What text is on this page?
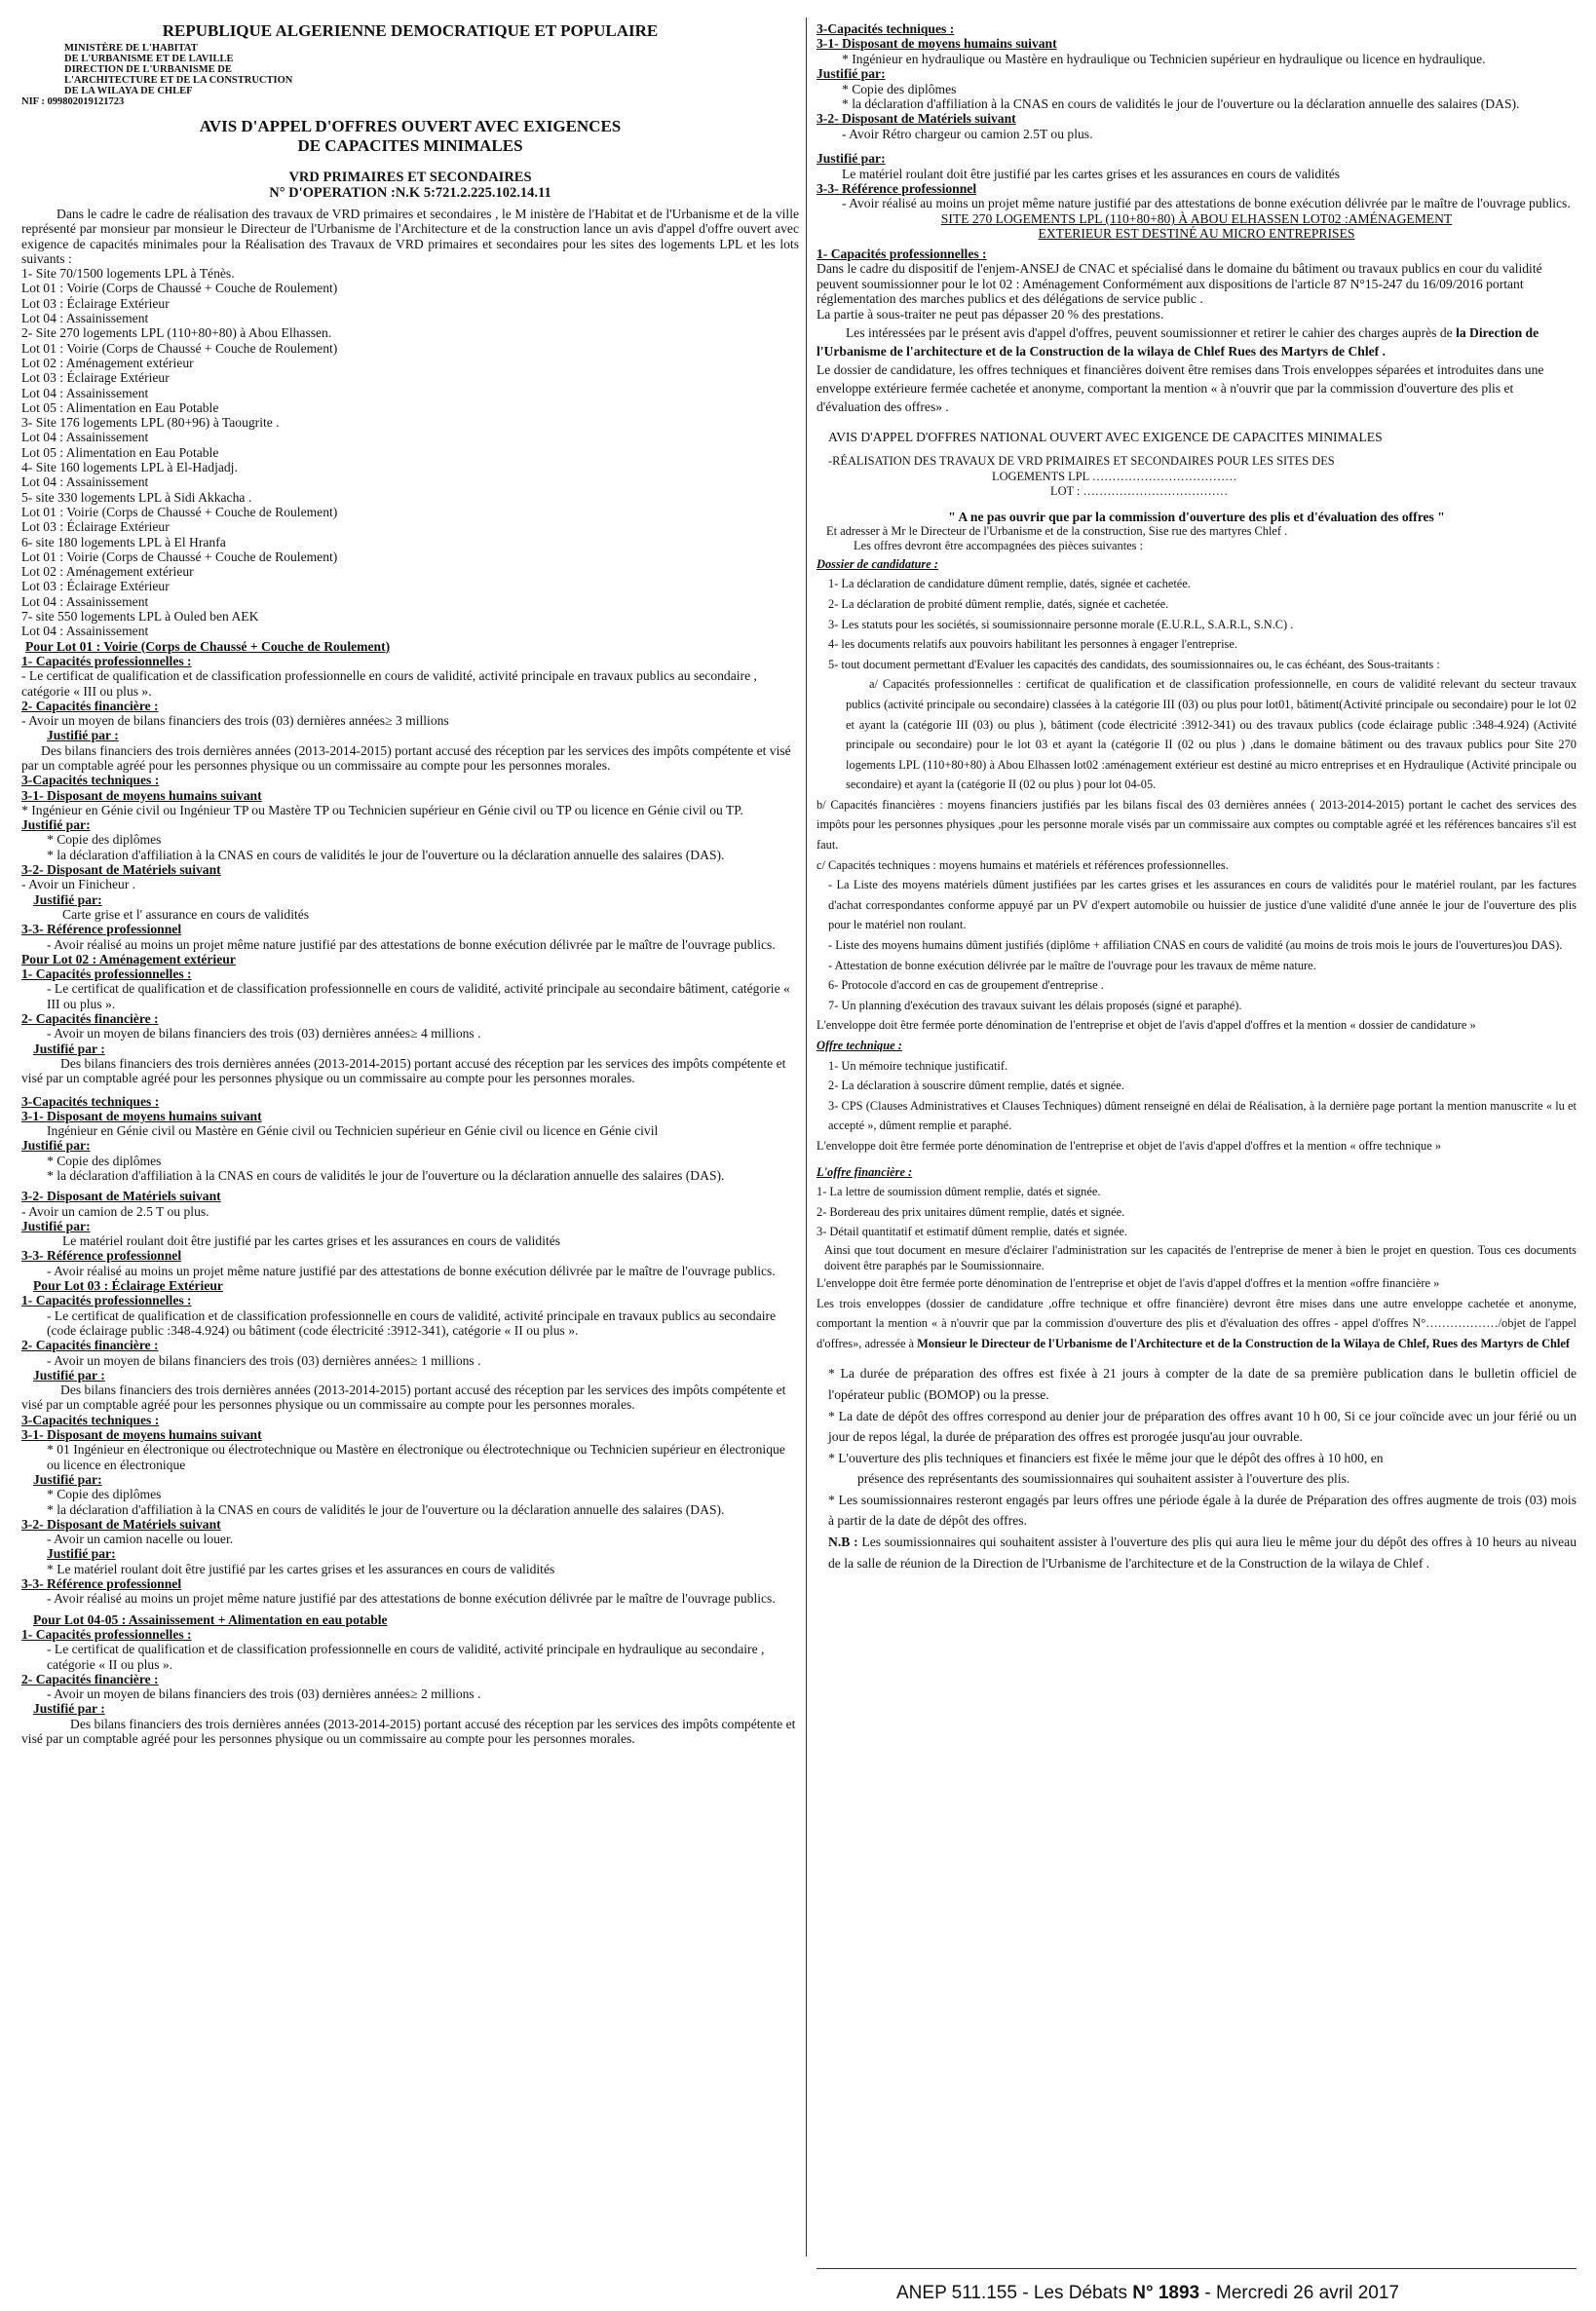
REPUBLIQUE ALGERIENNE DEMOCRATIQUE ET POPULAIRE
MINISTÈRE DE L'HABITAT
DE L'URBANISME ET DE LAVILLE
DIRECTION DE L'URBANISME DE
L'ARCHITECTURE ET DE LA CONSTRUCTION
DE LA WILAYA DE CHLEF
NIF : 099802019121723
AVIS D'APPEL D'OFFRES OUVERT AVEC EXIGENCES
DE CAPACITES MINIMALES
VRD PRIMAIRES ET SECONDAIRES
N° D'OPERATION :N.K 5:721.2.225.102.14.11

Dans le cadre le cadre de réalisation des travaux de VRD primaires et secondaires , le M inistère de l'Habitat et de l'Urbanisme et de la ville représenté par monsieur par monsieur le Directeur de l'Urbanisme de l'Architecture et de la construction lance un avis d'appel d'offre ouvert avec exigence de capacités minimales pour la Réalisation des Travaux de VRD primaires et secondaires pour les sites des logements LPL et les lots suivants :

1- Site 70/1500 logements LPL à Ténès.
Lot 01 : Voirie (Corps de Chaussé + Couche de Roulement)
Lot 03 : Éclairage Extérieur
Lot 04 : Assainissement
2- Site 270 logements LPL (110+80+80) à Abou Elhassen.
Lot 01 : Voirie (Corps de Chaussé + Couche de Roulement)
Lot 02 : Aménagement extérieur
Lot 03 : Éclairage Extérieur
Lot 04 : Assainissement
Lot 05 : Alimentation en Eau Potable
3- Site 176 logements LPL (80+96) à Taougrite .
Lot 04 : Assainissement
Lot 05 : Alimentation en Eau Potable
4- Site 160 logements LPL à El-Hadjadj.
Lot 04 : Assainissement
5- site 330 logements LPL à Sidi Akkacha .
Lot 01 : Voirie (Corps de Chaussé + Couche de Roulement)
Lot 03 : Éclairage Extérieur
6- site 180 logements LPL à El Hranfa
Lot 01 : Voirie (Corps de Chaussé + Couche de Roulement)
Lot 02 : Aménagement extérieur
Lot 03 : Éclairage Extérieur
Lot 04 : Assainissement
7- site 550 logements LPL à Ouled ben AEK
Lot 04 : Assainissement
Pour Lot 01 : Voirie (Corps de Chaussé + Couche de Roulement)
1- Capacités professionnelles :
- Le certificat de qualification et de classification professionnelle en cours de validité, activité principale en travaux publics au secondaire , catégorie « III ou plus ».
2- Capacités financière :
- Avoir un moyen de bilans financiers des trois (03) dernières années≥ 3 millions
Justifié par :
Des bilans financiers des trois dernières années (2013-2014-2015) portant accusé des réception par les services des impôts compétente et visé par un comptable agréé pour les personnes physique ou un commissaire au compte pour les personnes morales.
3-Capacités techniques :
3-1- Disposant de moyens humains suivant
* Ingénieur en Génie civil ou Ingénieur TP ou Mastère TP ou Technicien supérieur en Génie civil ou TP ou licence en Génie civil ou TP.
Justifié par:
* Copie des diplômes
* la déclaration d'affiliation à la CNAS en cours de validités le jour de l'ouverture ou la déclaration annuelle des salaires (DAS).
3-2- Disposant de Matériels suivant
- Avoir un Finicheur .
Justifié par:
Carte grise et l' assurance en cours de validités
3-3- Référence professionnel
- Avoir réalisé au moins un projet même nature justifié par des attestations de bonne exécution délivrée par le maître de l'ouvrage publics.
Pour Lot 02 : Aménagement extérieur
1- Capacités professionnelles :
- Le certificat de qualification et de classification professionnelle en cours de validité, activité principale au secondaire bâtiment, catégorie « III ou plus ».
2- Capacités financière :
- Avoir un moyen de bilans financiers des trois (03) dernières années≥ 4 millions .
Justifié par :
Des bilans financiers des trois dernières années (2013-2014-2015) portant accusé des réception par les services des impôts compétente et visé par un comptable agréé pour les personnes physique ou un commissaire au compte pour les personnes morales.
3-Capacités techniques :
3-1- Disposant de moyens humains suivant
Ingénieur en Génie civil ou Mastère en Génie civil ou Technicien supérieur en Génie civil ou licence en Génie civil
Justifié par:
* Copie des diplômes
* la déclaration d'affiliation à la CNAS en cours de validités le jour de l'ouverture ou la déclaration annuelle des salaires (DAS).
3-2- Disposant de Matériels suivant
- Avoir un camion de 2.5 T ou plus.
Justifié par:
Le matériel roulant doit être justifié par les cartes grises et les assurances en cours de validités
3-3- Référence professionnel
- Avoir réalisé au moins un projet même nature justifié par des attestations de bonne exécution délivrée par le maître de l'ouvrage publics.
Pour Lot 03 : Éclairage Extérieur
1- Capacités professionnelles :
- Le certificat de qualification et de classification professionnelle en cours de validité, activité principale en travaux publics au secondaire (code éclairage public :348-4.924) ou bâtiment (code électricité :3912-341), catégorie « II ou plus ».
2- Capacités financière :
- Avoir un moyen de bilans financiers des trois (03) dernières années≥ 1 millions .
Justifié par :
Des bilans financiers des trois dernières années (2013-2014-2015) portant accusé des réception par les services des impôts compétente et visé par un comptable agréé pour les personnes physique ou un commissaire au compte pour les personnes morales.
3-Capacités techniques :
3-1- Disposant de moyens humains suivant
* 01 Ingénieur en électronique ou électrotechnique ou Mastère en électronique ou électrotechnique ou Technicien supérieur en électronique ou licence en électronique
Justifié par:
* Copie des diplômes
* la déclaration d'affiliation à la CNAS en cours de validités le jour de l'ouverture ou la déclaration annuelle des salaires (DAS).
3-2- Disposant de Matériels suivant
- Avoir un camion nacelle ou louer.
Justifié par:
* Le matériel roulant doit être justifié par les cartes grises et les assurances en cours de validités
3-3- Référence professionnel
- Avoir réalisé au moins un projet même nature justifié par des attestations de bonne exécution délivrée par le maître de l'ouvrage publics.
Pour Lot 04-05 : Assainissement + Alimentation en eau potable
1- Capacités professionnelles :
- Le certificat de qualification et de classification professionnelle en cours de validité, activité principale en hydraulique au secondaire , catégorie « II ou plus ».
2- Capacités financière :
- Avoir un moyen de bilans financiers des trois (03) dernières années≥ 2 millions .
Justifié par :
Des bilans financiers des trois dernières années (2013-2014-2015) portant accusé des réception par les services des impôts compétente et visé par un comptable agréé pour les personnes physique ou un commissaire au compte pour les personnes morales.
3-Capacités techniques :
3-1- Disposant de moyens humains suivant
* Ingénieur en hydraulique ou Mastère en hydraulique ou Technicien supérieur en hydraulique ou licence en hydraulique.
Justifié par:
* Copie des diplômes
* la déclaration d'affiliation à la CNAS en cours de validités le jour de l'ouverture ou la déclaration annuelle des salaires (DAS).
3-2- Disposant de Matériels suivant
- Avoir Rétro chargeur ou camion 2.5T ou plus.
Justifié par:
Le matériel roulant doit être justifié par les cartes grises et les assurances en cours de validités
3-3- Référence professionnel
- Avoir réalisé au moins un projet même nature justifié par des attestations de bonne exécution délivrée par le maître de l'ouvrage publics.
SITE 270 LOGEMENTS LPL (110+80+80) À ABOU ELHASSEN LOT02 :AMÉNAGEMENT
EXTERIEUR EST DESTINÉ AU MICRO ENTREPRISES
1- Capacités professionnelles :
Dans le cadre du dispositif de l'enjem-ANSEJ de CNAC et spécialisé dans le domaine du bâtiment ou travaux publics en cour du validité peuvent soumissionner pour le lot 02 : Aménagement Conformément aux dispositions de l'article 87 N°15-247 du 16/09/2016 portant réglementation des marches publics et des délégations de service public .
La partie à sous-traiter ne peut pas dépasser 20 % des prestations.
Les intéressées par le présent avis d'appel d'offres, peuvent soumissionner et retirer le cahier des charges auprès de la Direction de l'Urbanisme de l'architecture et de la Construction de la wilaya de Chlef Rues des Martyrs de Chlef .
Le dossier de candidature, les offres techniques et financières doivent être remises dans Trois enveloppes séparées et introduites dans une enveloppe extérieure fermée cachetée et anonyme, comportant la mention « à n'ouvrir que par la commission d'ouverture des plis et d'évaluation des offres» .
AVIS D'APPEL D'OFFRES NATIONAL OUVERT AVEC EXIGENCE DE CAPACITES MINIMALES
-RÉALISATION DES TRAVAUX DE VRD PRIMAIRES ET SECONDAIRES POUR LES SITES DES
LOGEMENTS LPL ………………………………
LOT : ………………………………
" A ne pas ouvrir que par la commission d'ouverture des plis et d'évaluation des offres "
Et adresser à Mr le Directeur de l'Urbanisme et de la construction, Sise rue des martyres Chlef .
Les offres devront être accompagnées des pièces suivantes :
Dossier de candidature :
1- La déclaration de candidature dûment remplie, datés, signée et cachetée.
2- La déclaration de probité dûment remplie, datés, signée et cachetée.
3- Les statuts pour les sociétés, si soumissionnaire personne morale (E.U.R.L, S.A.R.L, S.N.C) .
4- les documents relatifs aux pouvoirs habilitant les personnes à engager l'entreprise.
5- tout document permettant d'Evaluer les capacités des candidats, des soumissionnaires ou, le cas échéant, des Sous-traitants :
a/ Capacités professionnelles : certificat de qualification et de classification professionnelle, en cours de validité relevant du secteur travaux publics (activité principale ou secondaire) classées à la catégorie III (03) ou plus pour lot01, bâtiment(Activité principale ou secondaire) pour le lot 02 et ayant la (catégorie III (03) ou plus ), bâtiment (code électricité :3912-341) ou des travaux publics (code éclairage public :348-4.924) (Activité principale ou secondaire) pour le lot 03 et ayant la (catégorie II (02 ou plus ) ,dans le domaine bâtiment ou des travaux publics pour Site 270 logements LPL (110+80+80) à Abou Elhassen lot02 :aménagement extérieur est destiné au micro entreprises et en Hydraulique (Activité principale ou secondaire) et ayant la (catégorie II (02 ou plus ) pour lot 04-05.
b/ Capacités financières : moyens financiers justifiés par les bilans fiscal des 03 dernières années ( 2013-2014-2015) portant le cachet des services des impôts pour les personnes physiques ,pour les personne morale visés par un commissaire aux comptes ou comptable agréé et les références bancaires s'il est faut.
c/ Capacités techniques : moyens humains et matériels et références professionnelles.
- La Liste des moyens matériels dûment justifiées par les cartes grises et les assurances en cours de validités pour le matériel roulant, par les factures d'achat correspondantes conforme appuyé par un PV d'expert automobile ou huissier de justice d'une validité d'une année le jour de l'ouverture des plis pour le matériel non roulant.
- Liste des moyens humains dûment justifiés (diplôme + affiliation CNAS en cours de validité (au moins de trois mois le jours de l'ouvertures)ou DAS).
- Attestation de bonne exécution délivrée par le maître de l'ouvrage pour les travaux de même nature.
6- Protocole d'accord en cas de groupement d'entreprise .
7- Un planning d'exécution des travaux suivant les délais proposés (signé et paraphé).
L'enveloppe doit être fermée porte dénomination de l'entreprise et objet de l'avis d'appel d'offres et la mention « dossier de candidature »
Offre technique :
1- Un mémoire technique justificatif.
2- La déclaration à souscrire dûment remplie, datés et signée.
3- CPS (Clauses Administratives et Clauses Techniques) dûment renseigné en délai de Réalisation, à la dernière page portant la mention manuscrite « lu et accepté », dûment remplie et paraphé.
L'enveloppe doit être fermée porte dénomination de l'entreprise et objet de l'avis d'appel d'offres et la mention « offre technique »
L'offre financière :
1- La lettre de soumission dûment remplie, datés et signée.
2- Bordereau des prix unitaires dûment remplie, datés et signée.
3- Détail quantitatif et estimatif dûment remplie, datés et signée.
Ainsi que tout document en mesure d'éclairer l'administration sur les capacités de l'entreprise de mener à bien le projet en question. Tous ces documents doivent être paraphés par le Soumissionnaire.
L'enveloppe doit être fermée porte dénomination de l'entreprise et objet de l'avis d'appel d'offres et la mention «offre financière »
Les trois enveloppes (dossier de candidature ,offre technique et offre financière) devront être mises dans une autre enveloppe cachetée et anonyme, comportant la mention « à n'ouvrir que par la commission d'ouverture des plis et d'évaluation des offres - appel d'offres N°………………/objet de l'appel d'offres», adressée à Monsieur le Directeur de l'Urbanisme de l'Architecture et de la Construction de la Wilaya de Chlef, Rues des Martyrs de Chlef
* La durée de préparation des offres est fixée à 21 jours à compter de la date de sa première publication dans le bulletin officiel de l'opérateur public (BOMOP) ou la presse.
* La date de dépôt des offres correspond au denier jour de préparation des offres avant 10 h 00, Si ce jour coïncide avec un jour férié ou un jour de repos légal, la durée de préparation des offres est prorogée jusqu'au jour ouvrable.
* L'ouverture des plis techniques et financiers est fixée le même jour que le dépôt des offres à 10 h00, en
présence des représentants des soumissionnaires qui souhaitent assister à l'ouverture des plis.
* Les soumissionnaires resteront engagés par leurs offres une période égale à la durée de Préparation des offres augmente de trois (03) mois à partir de la date de dépôt des offres.
N.B : Les soumissionnaires qui souhaitent assister à l'ouverture des plis qui aura lieu le même jour du dépôt des offres à 10 heurs au niveau de la salle de réunion de la Direction de l'Urbanisme de l'architecture et de la Construction de la wilaya de Chlef .
ANEP 511.155 - Les Débats N° 1893 - Mercredi 26 avril 2017
